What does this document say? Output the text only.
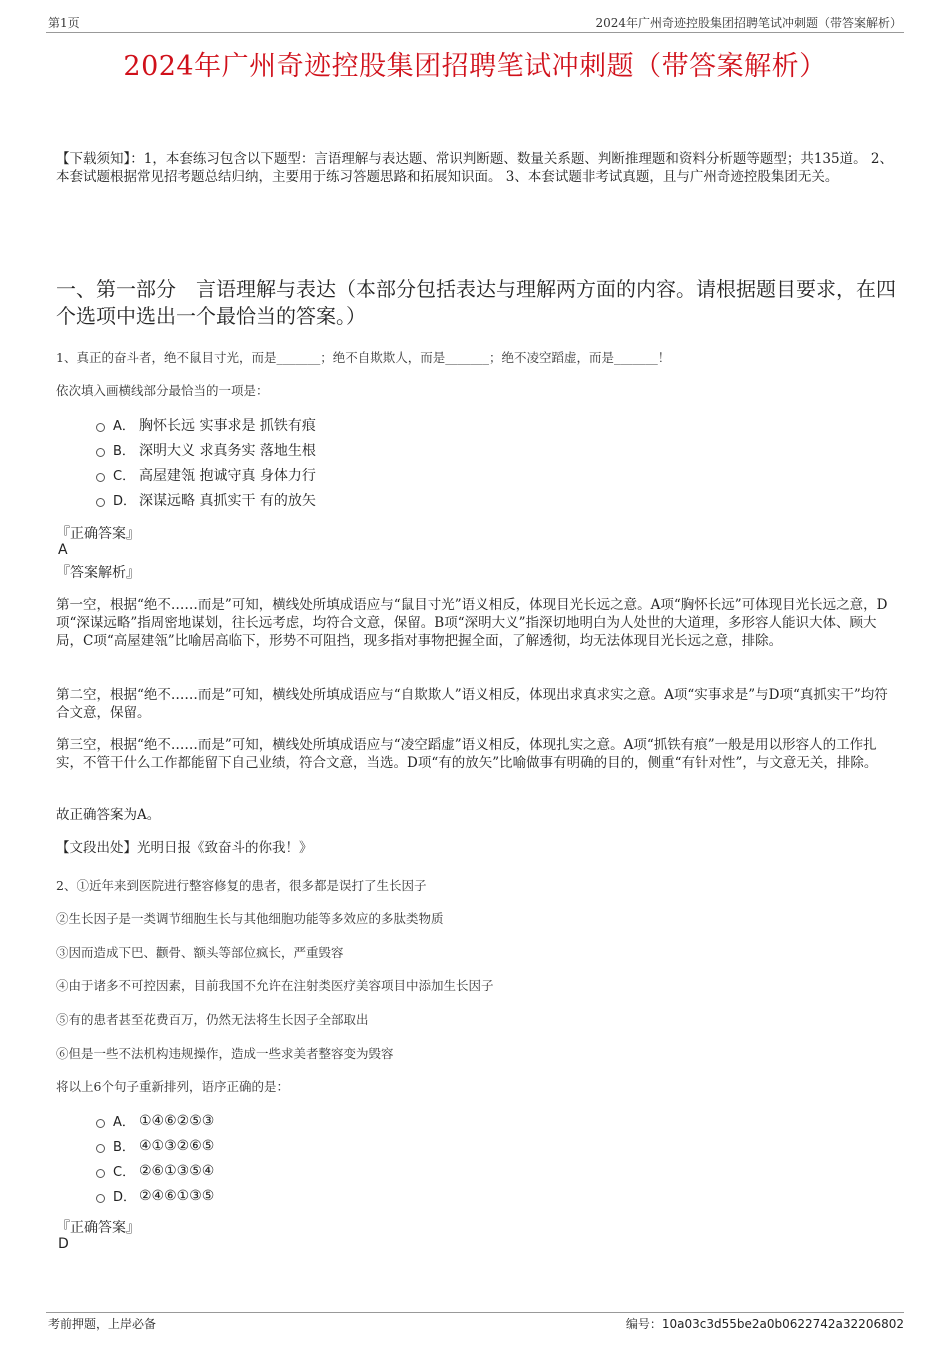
第1页	2024年广州奇迹控股集团招聘笔试冲刺题（带答案解析）
2024年广州奇迹控股集团招聘笔试冲刺题（带答案解析）
【下载须知】：1，本套练习包含以下题型：言语理解与表达题、常识判断题、数量关系题、判断推理题和资料分析题等题型；共135道。 2、本套试题根据常见招考题总结归纳，主要用于练习答题思路和拓展知识面。 3、本套试题非考试真题，且与广州奇迹控股集团无关。
一、第一部分　言语理解与表达（本部分包括表达与理解两方面的内容。请根据题目要求，在四个选项中选出一个最恰当的答案。）
1、真正的奋斗者，绝不鼠目寸光，而是_______；绝不自欺欺人，而是_______；绝不凌空蹈虚，而是_______！
依次填入画横线部分最恰当的一项是：
A． 胸怀长远 实事求是 抓铁有痕
B． 深明大义 求真务实 落地生根
C． 高屋建瓴 抱诚守真 身体力行
D． 深谋远略 真抓实干 有的放矢
『正确答案』
A
『答案解析』
第一空，根据“绝不……而是”可知，横线处所填成语应与“鼠目寸光”语义相反，体现目光长远之意。A项“胸怀长远”可体现目光长远之意，D项“深谋远略”指周密地谋划，往长远考虑，均符合文意，保留。B项“深明大义”指深切地明白为人处世的大道理，多形容人能识大体、顾大局，C项“高屋建瓴”比喻居高临下，形势不可阻挡，现多指对事物把握全面，了解透彻，均无法体现目光长远之意，排除。
第二空，根据“绝不……而是”可知，横线处所填成语应与“自欺欺人”语义相反，体现出求真求实之意。A项“实事求是”与D项“真抓实干”均符合文意，保留。
第三空，根据“绝不……而是”可知，横线处所填成语应与“凌空蹈虚”语义相反，体现扎实之意。A项“抓铁有痕”一般是用以形容人的工作扎实，不管干什么工作都能留下自己业绩，符合文意，当选。D项“有的放矢”比喻做事有明确的目的，侧重“有针对性”，与文意无关，排除。
故正确答案为A。
【文段出处】光明日报《致奋斗的你我！》
2、①近年来到医院进行整容修复的患者，很多都是误打了生长因子
②生长因子是一类调节细胞生长与其他细胞功能等多效应的多肽类物质
③因而造成下巴、颧骨、额头等部位疯长，严重毁容
④由于诸多不可控因素，目前我国不允许在注射类医疗美容项目中添加生长因子
⑤有的患者甚至花费百万，仍然无法将生长因子全部取出
⑥但是一些不法机构违规操作，造成一些求美者整容变为毁容
将以上6个句子重新排列，语序正确的是：
A． ①④⑥②⑤③
B． ④①③②⑥⑤
C． ②⑥①③⑤④
D． ②④⑥①③⑤
『正确答案』
D
考前押题，上岸必备	编号：10a03c3d55be2a0b0622742a32206802
